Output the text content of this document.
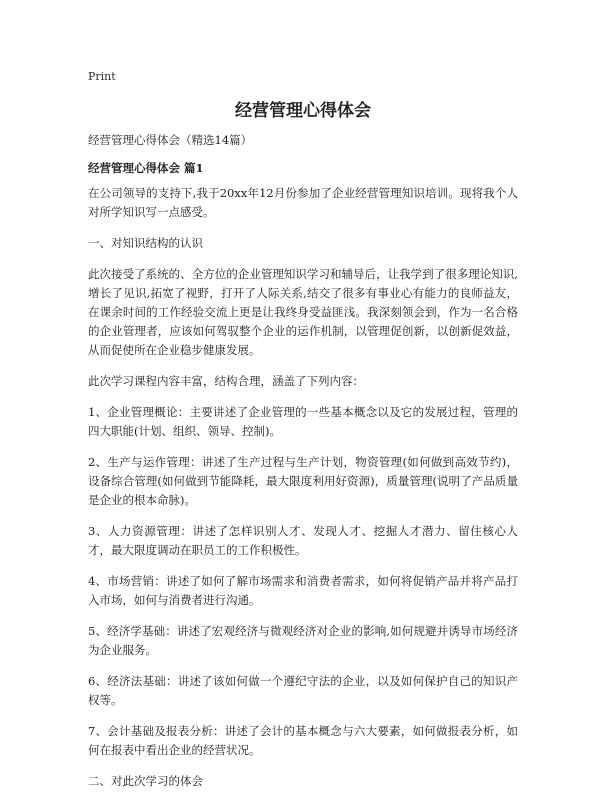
Print
经营管理心得体会

经营管理心得体会（精选14篇）

经营管理心得体会 篇1

在公司领导的支持下,我于20xx年12月份参加了企业经营管理知识培训。现将我个人对所学知识写一点感受。

一、对知识结构的认识

此次接受了系统的、全方位的企业管理知识学习和辅导后，让我学到了很多理论知识,增长了见识,拓宽了视野，打开了人际关系,结交了很多有事业心有能力的良师益友，在课余时间的工作经验交流上更是让我终身受益匪浅。我深刻领会到，作为一名合格的企业管理者，应该如何驾驭整个企业的运作机制，以管理促创新，以创新促效益，从而促使所在企业稳步健康发展。

此次学习课程内容丰富，结构合理，涵盖了下列内容：

1、企业管理概论：主要讲述了企业管理的一些基本概念以及它的发展过程，管理的四大职能(计划、组织、领导、控制)。

2、生产与运作管理：讲述了生产过程与生产计划，物资管理(如何做到高效节约)，设备综合管理(如何做到节能降耗，最大限度利用好资源)，质量管理(说明了产品质量是企业的根本命脉)。

3、人力资源管理：讲述了怎样识别人才、发现人才、挖掘人才潜力、留住核心人才，最大限度调动在职员工的工作积极性。

4、市场营销：讲述了如何了解市场需求和消费者需求，如何将促销产品并将产品打入市场，如何与消费者进行沟通。

5、经济学基础：讲述了宏观经济与微观经济对企业的影响,如何规避并诱导市场经济为企业服务。

6、经济法基础：讲述了该如何做一个遵纪守法的企业，以及如何保护自己的知识产权等。

7、会计基础及报表分析：讲述了会计的基本概念与六大要素，如何做报表分析，如何在报表中看出企业的经营状况。

二、对此次学习的体会
